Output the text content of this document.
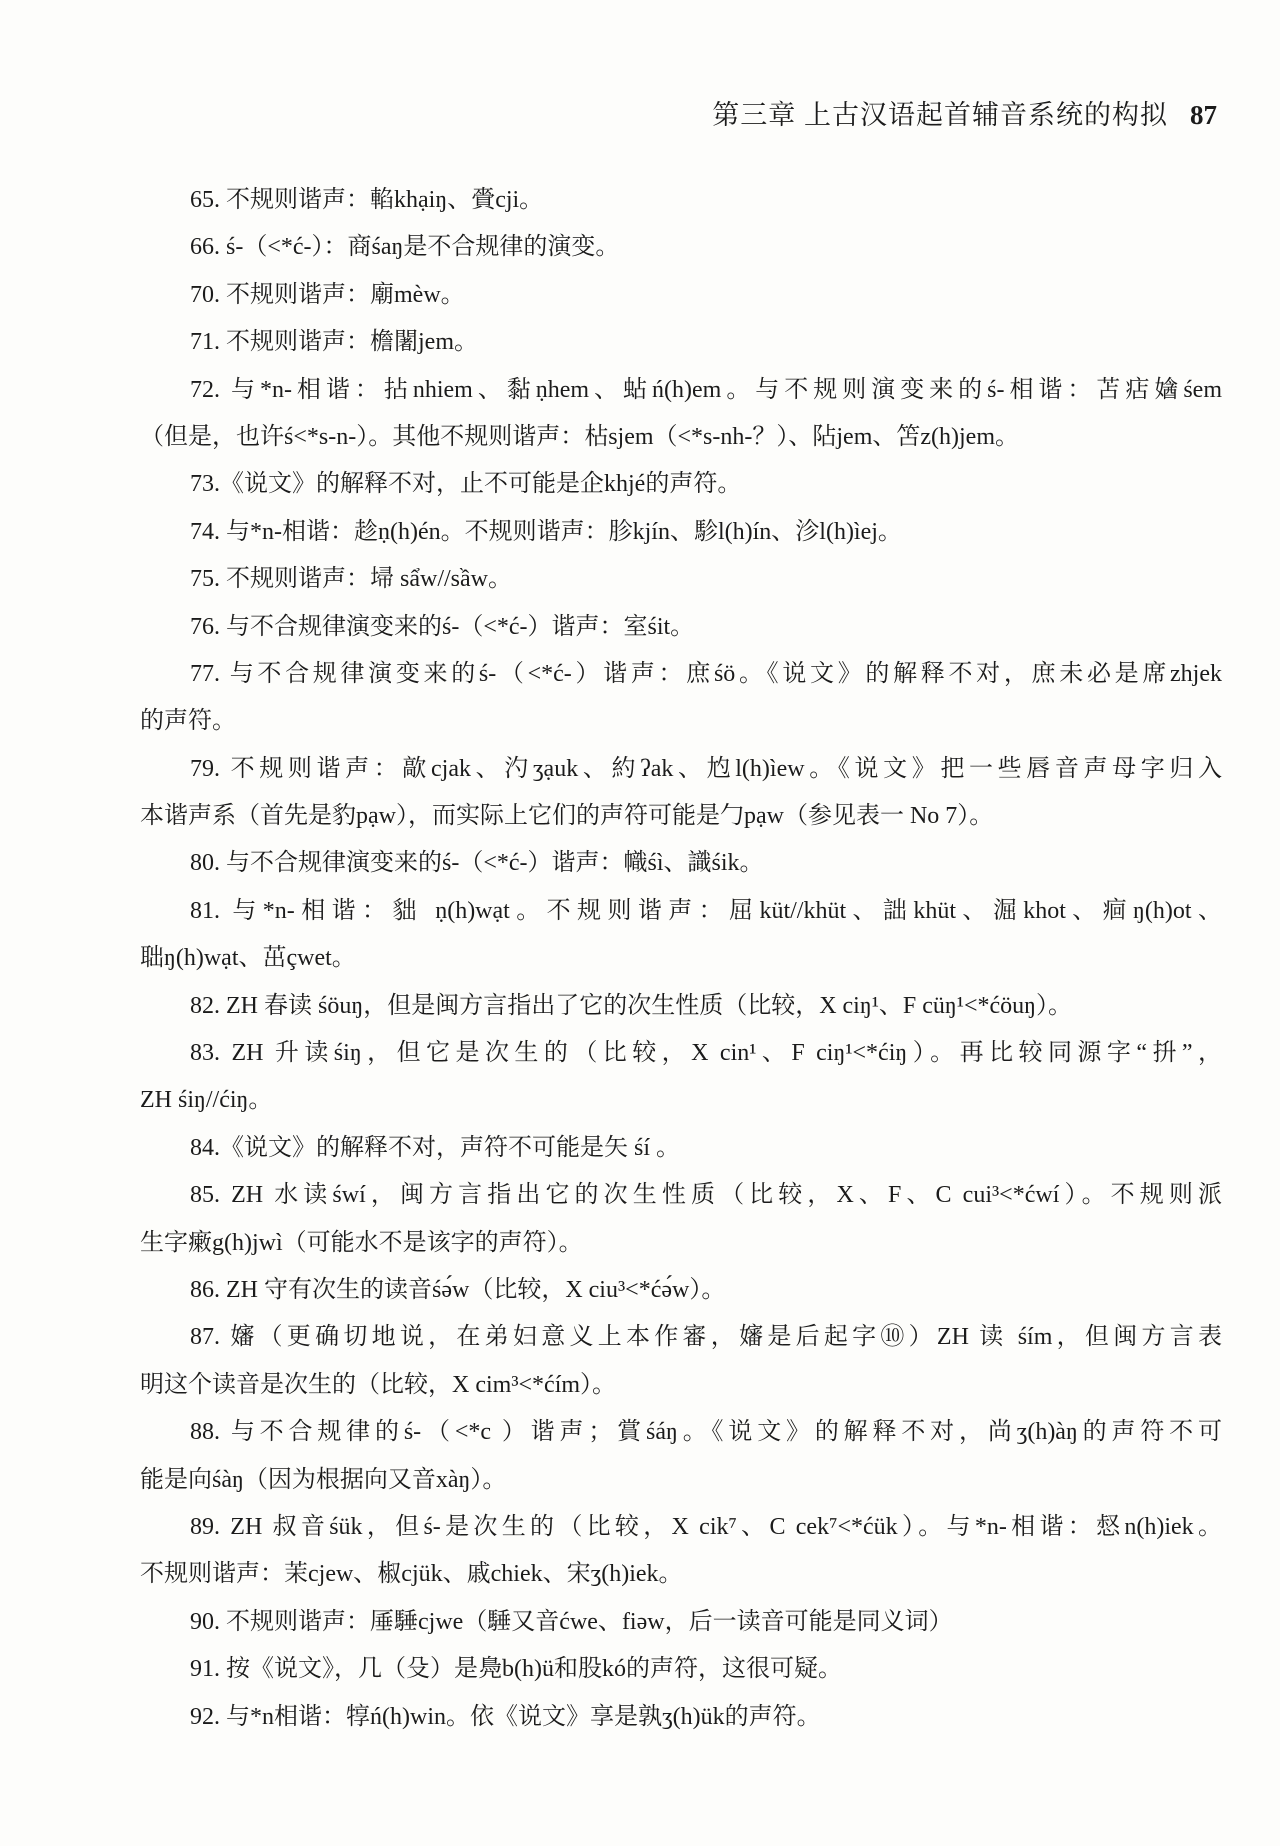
第三章 上古汉语起首辅音系统的构拟 87
65. 不规则谐声：輡khạiŋ、賫cji。
66. ś-（<*ć-）：商śaŋ是不合规律的演变。
70. 不规则谐声：廟mèw。
71. 不规则谐声：檐闍jem。
72. 与*n-相谐：拈nhiem、黏ṇhem、蛅ń(h)em。与不规则演变来的ś-相谐：苫痁㜝śem
（但是，也许ś<*s-n-）。其他不规则谐声：枮sjem（<*s-nh-？）、阽jem、笘z(h)jem。
73.《说文》的解释不对，止不可能是企khjé的声符。
74. 与*n-相谐：趁ṇ(h)én。不规则谐声：胗kjín、駗l(h)ín、沴l(h)ìej。
75. 不规则谐声：埽 sẩw//sầw。
76. 与不合规律演变来的ś-（<*ć-）谐声：室śit。
77. 与不合规律演变来的ś-（<*ć-）谐声：庶śö。《说文》的解释不对，庶未必是席zhjek
的声符。
79. 不规则谐声：歊cjak、汋ʒạuk、約ʔak、尥l(h)ìew。《说文》把一些唇音声母字归入
本谐声系（首先是豹pạw），而实际上它们的声符可能是勹pạw（参见表一 No 7）。
80. 与不合规律演变来的ś-（<*ć-）谐声：幟śì、識śik。
81. 与*n-相谐：貀 ṇ(h)wạt。不规则谐声：屈küt//khüt、詘khüt、淈khot、痐ŋ(h)ot、
聉ŋ(h)wạt、茁çwet。
82. ZH 春读 śöuŋ，但是闽方言指出了它的次生性质（比较，X ciŋ¹、F cüŋ¹<*ćöuŋ）。
83. ZH 升读śiŋ，但它是次生的（比较，X cin¹、F ciŋ¹<*ćiŋ）。再比较同源字“抍”，
ZH śiŋ//ćiŋ。
84.《说文》的解释不对，声符不可能是矢 śí 。
85. ZH 水读śwí，闽方言指出它的次生性质（比较，X、F、C cui³<*ćwí）。不规则派
生字瘷g(h)jwì（可能水不是该字的声符）。
86. ZH 守有次生的读音śə́w（比较，X ciu³<*ćə́w）。
87. 嬸（更确切地说，在弟妇意义上本作審，嬸是后起字⑩）ZH 读 śím，但闽方言表
明这个读音是次生的（比较，X cim³<*ćím）。
88. 与不合规律的ś-（<*c ）谐声；賞śáŋ。《说文》的解释不对，尚ʒ(h)àŋ的声符不可
能是向śàŋ（因为根据向又音xàŋ）。
89. ZH 叔音śük，但ś-是次生的（比较，X cik⁷、C cek⁷<*ćük）。与*n-相谐：惄n(h)iek。
不规则谐声：茉cjew、椒cjük、戚chiek、宋ʒ(h)iek。
90. 不规则谐声：厜䮔cjwe（䮔又音ćwe、fiəw，后一读音可能是同义词）
91. 按《说文》，几（殳）是鳧b(h)ü和股kó的声符，这很可疑。
92. 与*n相谐：犉ń(h)win。依《说文》享是孰ʒ(h)ük的声符。
